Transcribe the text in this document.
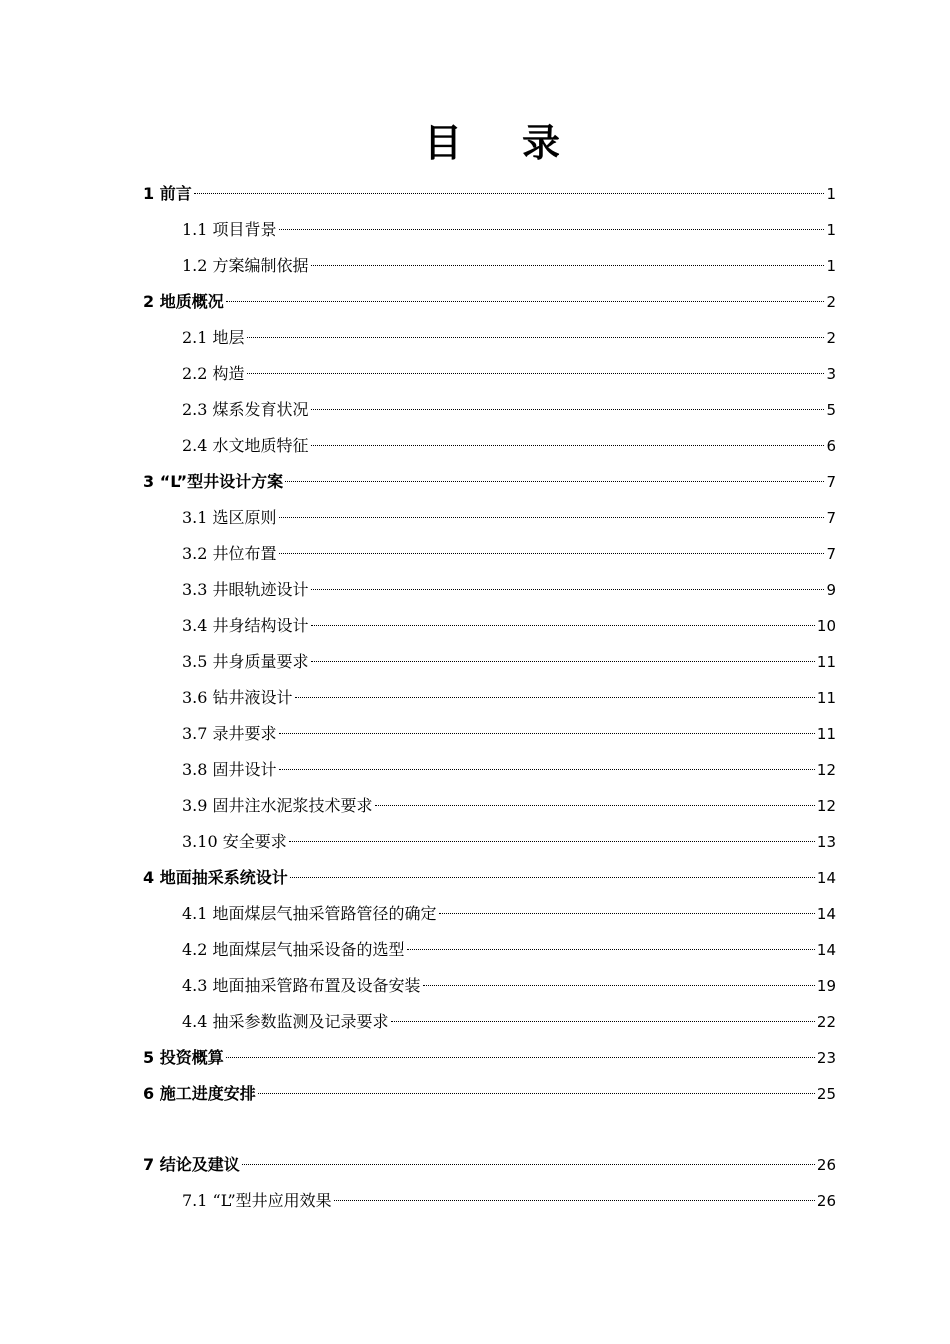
目 录
1 前言	1
1.1 项目背景	1
1.2 方案编制依据	1
2 地质概况	2
2.1 地层	2
2.2 构造	3
2.3 煤系发育状况	5
2.4 水文地质特征	6
3 “L”型井设计方案	7
3.1 选区原则	7
3.2 井位布置	7
3.3 井眼轨迹设计	9
3.4 井身结构设计	10
3.5 井身质量要求	11
3.6 钻井液设计	11
3.7 录井要求	11
3.8 固井设计	12
3.9 固井注水泥浆技术要求	12
3.10 安全要求	13
4 地面抽采系统设计	14
4.1 地面煤层气抽采管路管径的确定	14
4.2 地面煤层气抽采设备的选型	14
4.3 地面抽采管路布置及设备安装	19
4.4 抽采参数监测及记录要求	22
5 投资概算	23
6 施工进度安排	25
7 结论及建议	26
7.1 “L”型井应用效果	26
